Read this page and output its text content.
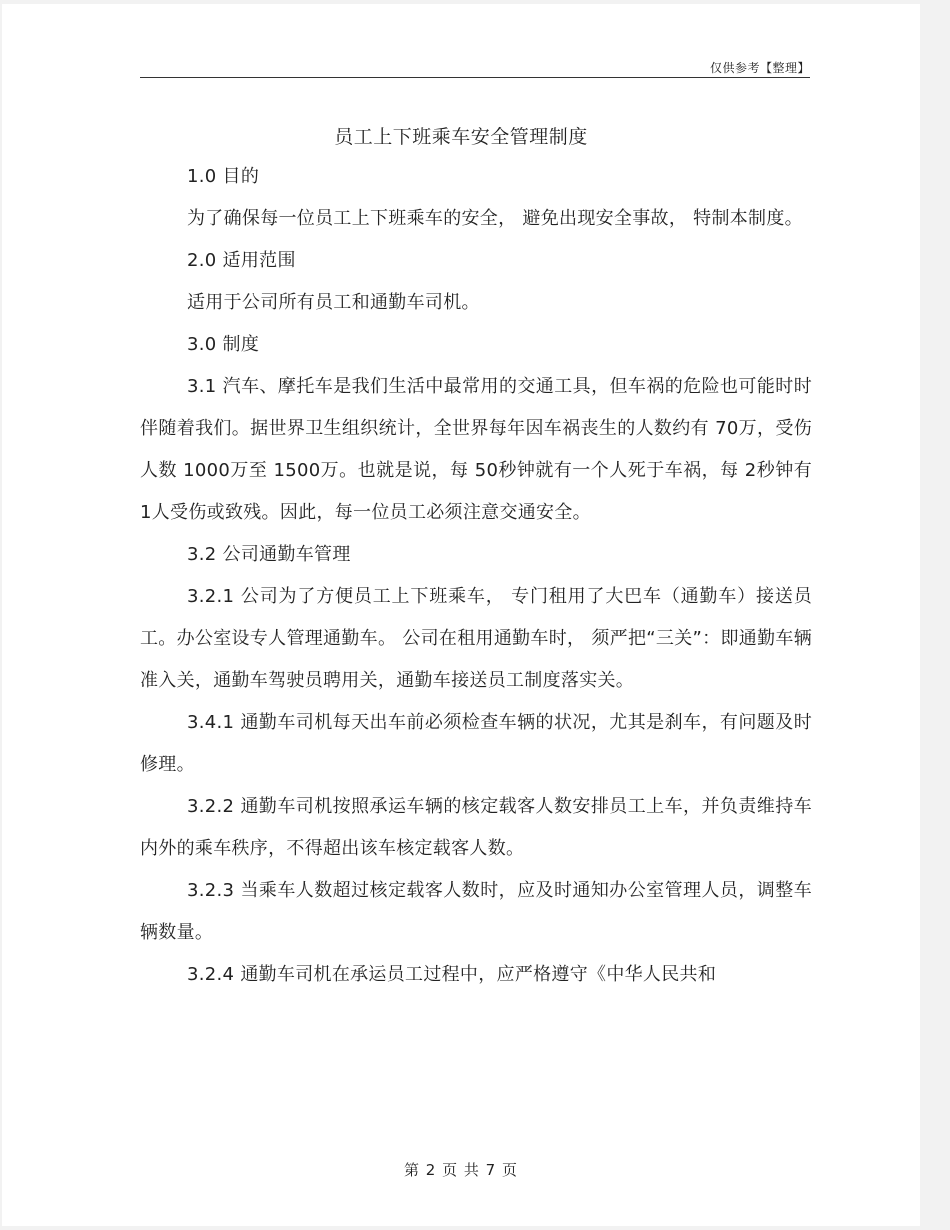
仅供参考【整理】
员工上下班乘车安全管理制度

1.0 目的

为了确保每一位员工上下班乘车的安全， 避免出现安全事故， 特制本制度。

2.0 适用范围

适用于公司所有员工和通勤车司机。

3.0 制度

3.1 汽车、摩托车是我们生活中最常用的交通工具，但车祸的危险也可能时时伴随着我们。据世界卫生组织统计，全世界每年因车祸丧生的人数约有 70万，受伤人数 1000万至 1500万。也就是说，每 50秒钟就有一个人死于车祸，每 2秒钟有 1人受伤或致残。因此，每一位员工必须注意交通安全。

3.2 公司通勤车管理

3.2.1 公司为了方便员工上下班乘车， 专门租用了大巴车（通勤车）接送员工。办公室设专人管理通勤车。 公司在租用通勤车时， 须严把“三关”：即通勤车辆准入关，通勤车驾驶员聘用关，通勤车接送员工制度落实关。

3.4.1 通勤车司机每天出车前必须检查车辆的状况，尤其是刹车，有问题及时修理。

3.2.2 通勤车司机按照承运车辆的核定载客人数安排员工上车，并负责维持车内外的乘车秩序，不得超出该车核定载客人数。

3.2.3 当乘车人数超过核定载客人数时，应及时通知办公室管理人员，调整车辆数量。

3.2.4 通勤车司机在承运员工过程中，应严格遵守《中华人民共和

第 2 页 共 7 页
